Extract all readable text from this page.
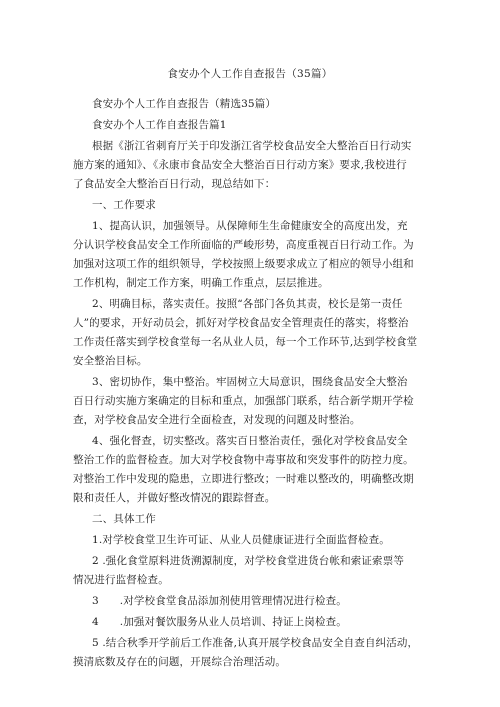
食安办个人工作自查报告（35篇）
食安办个人工作自查报告（精选35篇）
食安办个人工作自查报告篇1
根据《浙江省刺育厅关于印发浙江省学校食品安全大整治百日行动实
施方案的通知》、《永康市食品安全大整治百日行动方案》要求,我校进行
了食品安全大整治百日行动，现总结如下：
一、工作要求
1、提高认识，加强领导。从保障师生生命健康安全的高度出发，充
分认识学校食品安全工作所面临的严峻形势，高度重视百日行动工作。为
加强对这项工作的组织领导，学校按照上级要求成立了相应的领导小组和
工作机构，制定工作方案，明确工作重点，层层推进。
2、明确目标，落实责任。按照“各部门各负其责，校长是第一责任
人”的要求，开好动员会，抓好对学校食品安全管理责任的落实，将整治
工作责任落实到学校食堂每一名从业人员，每一个工作环节,达到学校食堂
安全整治目标。
3、密切协作，集中整治。牢固树立大局意识，围绕食品安全大整治
百日行动实施方案确定的目标和重点，加强部门联系，结合新学期开学检
查，对学校食品安全进行全面检查，对发现的问题及时整治。
4、强化督查，切实整改。落实百日整治责任，强化对学校食品安全
整治工作的监督检查。加大对学校食物中毒事故和突发事件的防控力度。
对整治工作中发现的隐患，立即进行整改；一时难以整改的，明确整改期
限和责任人，并做好整改情况的跟踪督查。
二、具体工作
1.对学校食堂卫生许可证、从业人员健康证进行全面监督检查。
2 .强化食堂原料进货溯源制度，对学校食堂进货台帐和索证索票等
情况进行监督检查。
3      .对学校食堂食品添加剂使用管理情况进行检查。
4      .加强对餐饮服务从业人员培训、持证上岗检查。
5 .结合秋季开学前后工作准备,认真开展学校食品安全自查自纠活动，
摸清底数及存在的问题，开展综合治理活动。
